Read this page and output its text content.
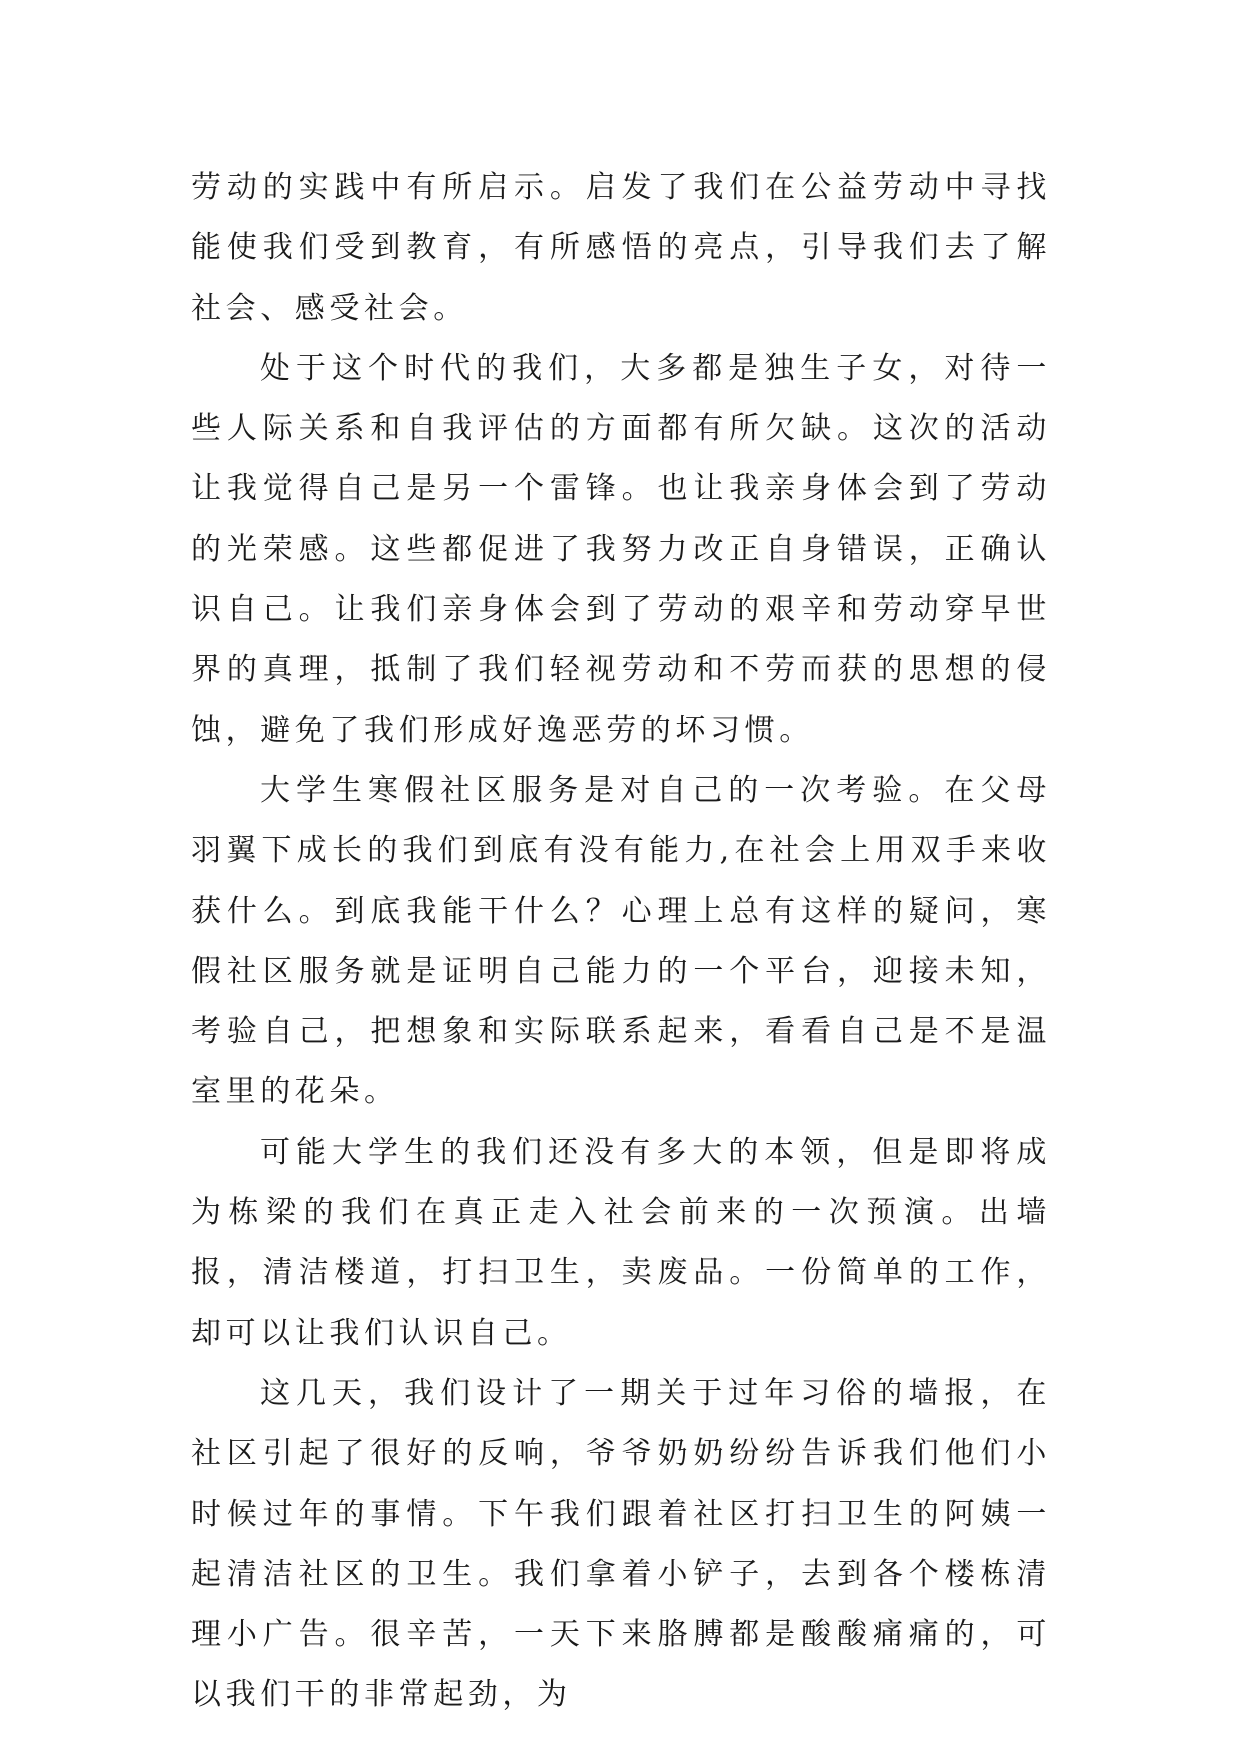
劳动的实践中有所启示。启发了我们在公益劳动中寻找能使我们受到教育，有所感悟的亮点，引导我们去了解社会、感受社会。

处于这个时代的我们，大多都是独生子女，对待一些人际关系和自我评估的方面都有所欠缺。这次的活动让我觉得自己是另一个雷锋。也让我亲身体会到了劳动的光荣感。这些都促进了我努力改正自身错误，正确认识自己。让我们亲身体会到了劳动的艰辛和劳动穿早世界的真理，抵制了我们轻视劳动和不劳而获的思想的侵蚀，避免了我们形成好逸恶劳的坏习惯。

大学生寒假社区服务是对自己的一次考验。在父母羽翼下成长的我们到底有没有能力,在社会上用双手来收获什么。到底我能干什么？心理上总有这样的疑问，寒假社区服务就是证明自己能力的一个平台，迎接未知，考验自己，把想象和实际联系起来，看看自己是不是温室里的花朵。

可能大学生的我们还没有多大的本领，但是即将成为栋梁的我们在真正走入社会前来的一次预演。出墙报，清洁楼道，打扫卫生，卖废品。一份简单的工作，却可以让我们认识自己。

这几天，我们设计了一期关于过年习俗的墙报，在社区引起了很好的反响，爷爷奶奶纷纷告诉我们他们小时候过年的事情。下午我们跟着社区打扫卫生的阿姨一起清洁社区的卫生。我们拿着小铲子，去到各个楼栋清理小广告。很辛苦，一天下来胳膊都是酸酸痛痛的，可以我们干的非常起劲，为
